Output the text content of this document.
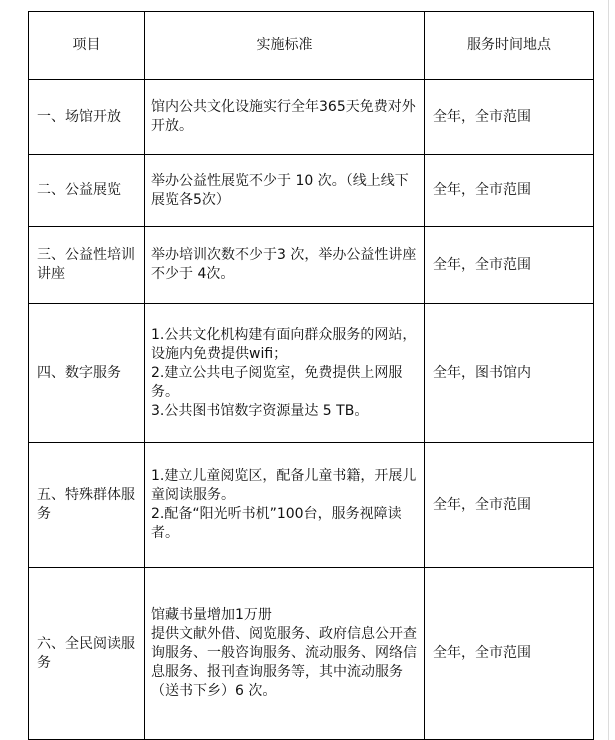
项目	实施标准	服务时间地点
一、场馆开放	馆内公共文化设施实行全年365天免费对外开放。	全年，全市范围
二、公益展览	举办公益性展览不少于 10 次。（线上线下展览各5次）	全年，全市范围
三、公益性培训讲座	举办培训次数不少于3 次，举办公益性讲座不少于 4次。	全年，全市范围
四、数字服务	1.公共文化机构建有面向群众服务的网站，设施内免费提供wifi；
2.建立公共电子阅览室，免费提供上网服务。
3.公共图书馆数字资源量达 5 TB。	全年，图书馆内
五、特殊群体服务	1.建立儿童阅览区，配备儿童书籍，开展儿童阅读服务。
2.配备“阳光听书机”100台，服务视障读者。	全年，全市范围
六、全民阅读服务	馆藏书量增加1万册
提供文献外借、阅览服务、政府信息公开查询服务、一般咨询服务、流动服务、网络信息服务、报刊查询服务等，其中流动服务（送书下乡）6 次。	全年，全市范围
